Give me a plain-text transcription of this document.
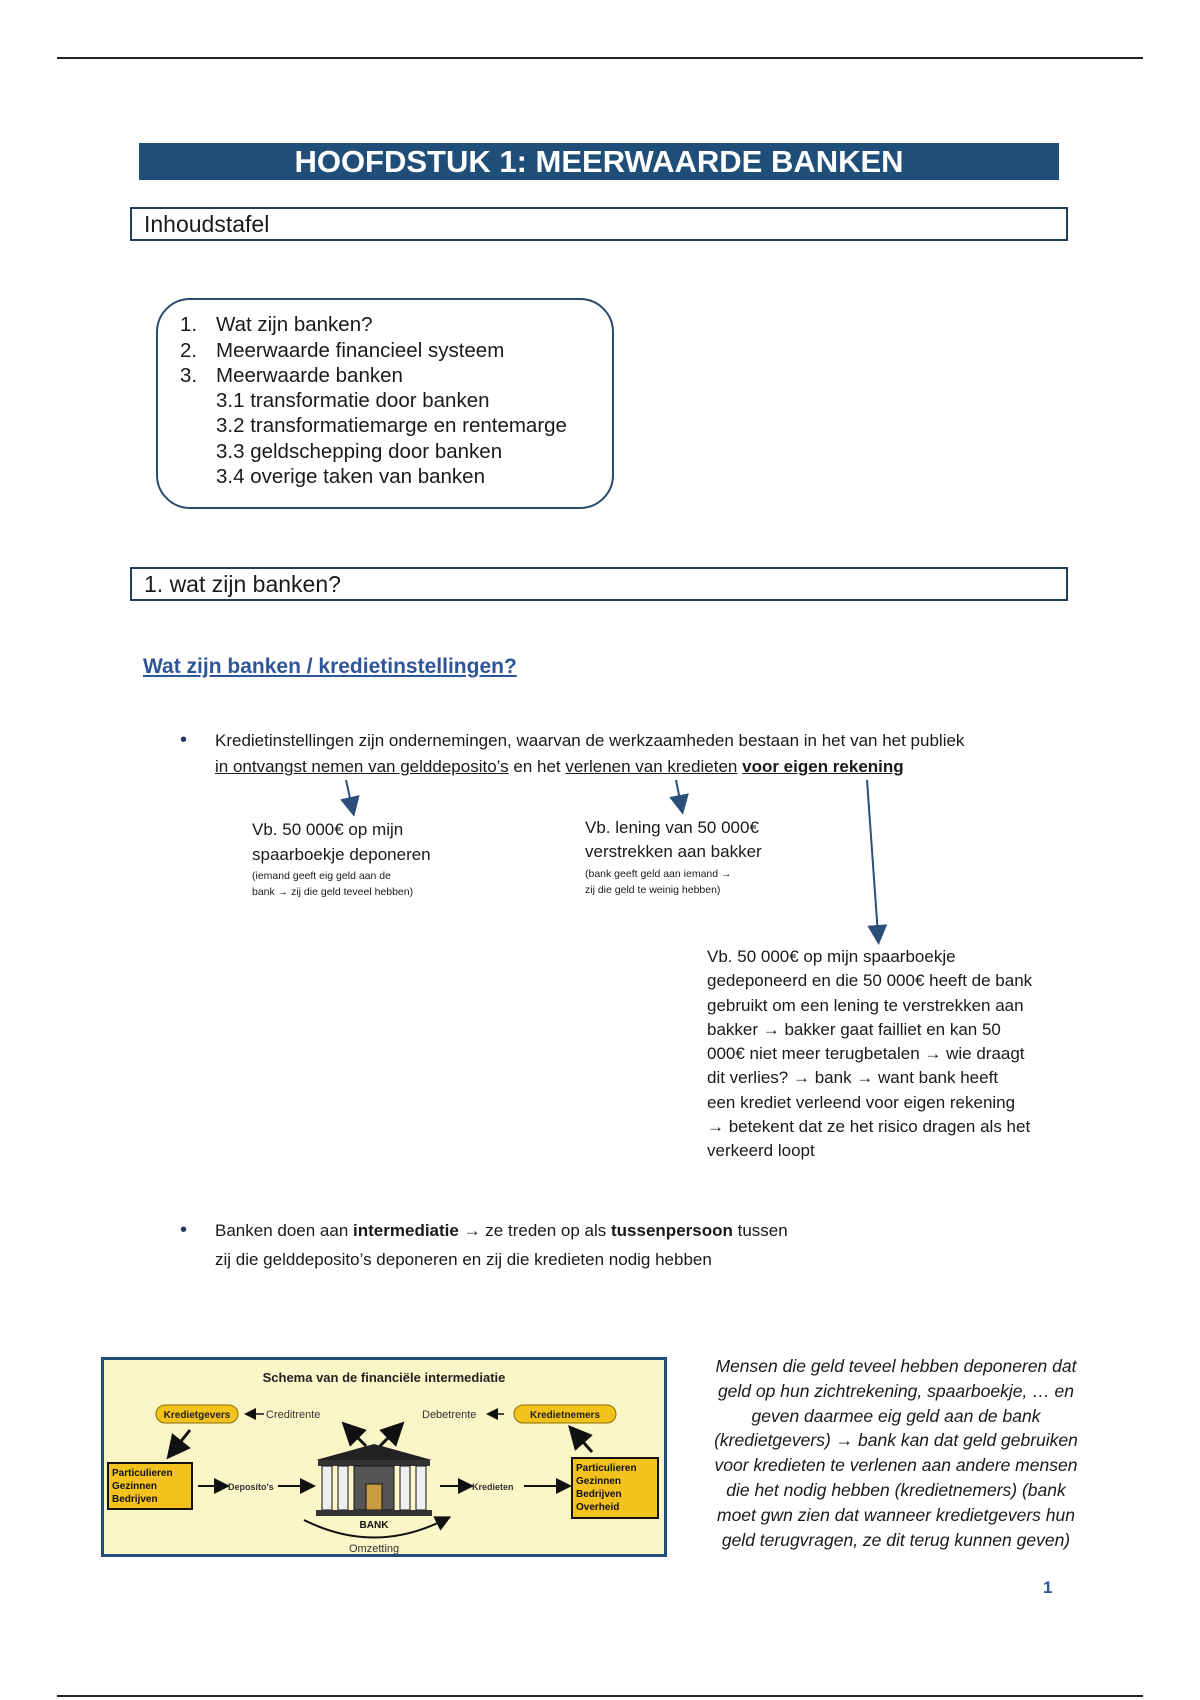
HOOFDSTUK 1: MEERWAARDE BANKEN
Inhoudstafel
1. Wat zijn banken?
2. Meerwaarde financieel systeem
3. Meerwaarde banken
3.1 transformatie door banken
3.2 transformatiemarge en rentemarge
3.3 geldschepping door banken
3.4 overige taken van banken
1. wat zijn banken?
Wat zijn banken / kredietinstellingen?
• Kredietinstellingen zijn ondernemingen, waarvan de werkzaamheden bestaan in het van het publiek
in ontvangst nemen van gelddeposito’s en het verlenen van kredieten voor eigen rekening
Vb. 50 000€ op mijn
spaarboekje deponeren
(iemand geeft eig geld aan de
bank → zij die geld teveel hebben)
Vb. lening van 50 000€
verstrekken aan bakker
(bank geeft geld aan iemand →
zij die geld te weinig hebben)
Vb. 50 000€ op mijn spaarboekje
gedeponeerd en die 50 000€ heeft de bank
gebruikt om een lening te verstrekken aan
bakker → bakker gaat failliet en kan 50
000€ niet meer terugbetalen → wie draagt
dit verlies? → bank → want bank heeft
een krediet verleend voor eigen rekening
→ betekent dat ze het risico dragen als het
verkeerd loopt
• Banken doen aan intermediatie → ze treden op als tussenpersoon tussen
zij die gelddeposito’s deponeren en zij die kredieten nodig hebben
Schema van de financiële intermediatie
Kredietgevers	Creditrente	Debetrente	Kredietnemers
Particulieren
Gezinnen
Bedrijven
Deposito's
BANK
Kredieten
Particulieren
Gezinnen
Bedrijven
Overheid
Omzetting
Mensen die geld teveel hebben deponeren dat
geld op hun zichtrekening, spaarboekje, … en
geven daarmee eig geld aan de bank
(kredietgevers) → bank kan dat geld gebruiken
voor kredieten te verlenen aan andere mensen
die het nodig hebben (kredietnemers) (bank
moet gwn zien dat wanneer kredietgevers hun
geld terugvragen, ze dit terug kunnen geven)
1
